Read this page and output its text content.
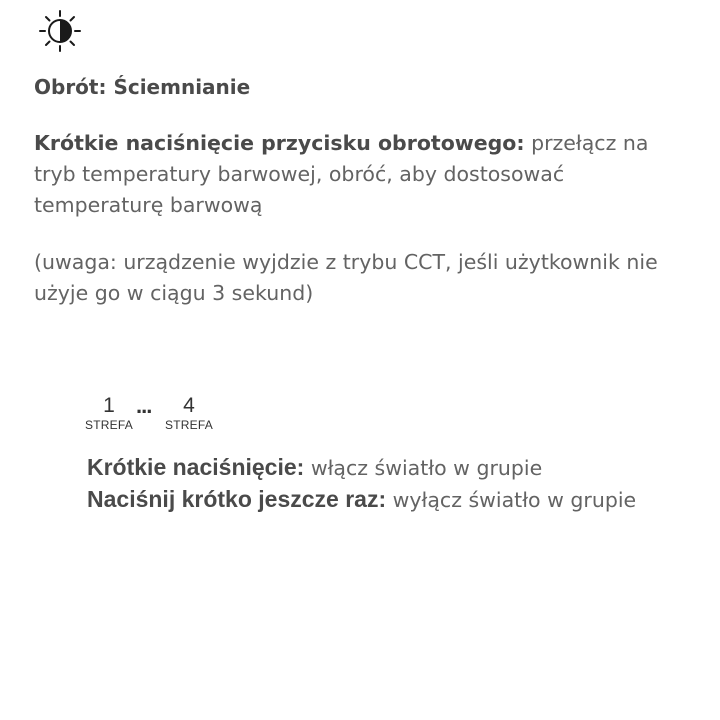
Obrót: Ściemnianie

Krótkie naciśnięcie przycisku obrotowego: przełącz na tryb temperatury barwowej, obróć, aby dostosować temperaturę barwową

(uwaga: urządzenie wyjdzie z trybu CCT, jeśli użytkownik nie użyje go w ciągu 3 sekund)

1
STREFA
...	4
STREFA

Krótkie naciśnięcie: włącz światło w grupie
Naciśnij krótko jeszcze raz: wyłącz światło w grupie
